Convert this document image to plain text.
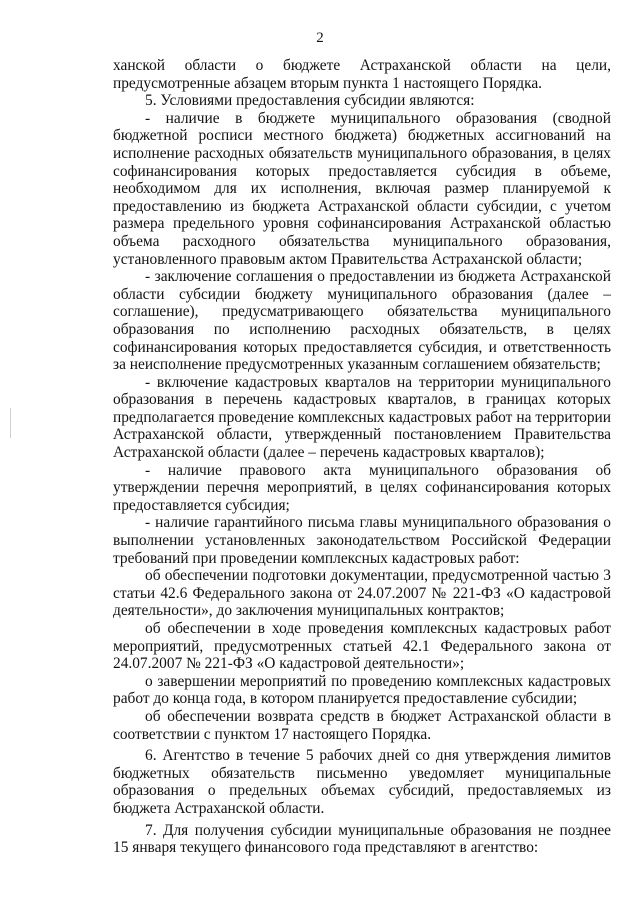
2

ханской области о бюджете Астраханской области на цели, предусмотренные абзацем вторым пункта 1 настоящего Порядка.

5. Условиями предоставления субсидии являются:

- наличие в бюджете муниципального образования (сводной бюджетной росписи местного бюджета) бюджетных ассигнований на исполнение расходных обязательств муниципального образования, в целях софинансирования которых предоставляется субсидия в объеме, необходимом для их исполнения, включая размер планируемой к предоставлению из бюджета Астраханской области субсидии, с учетом размера предельного уровня софинансирования Астраханской областью объема расходного обязательства муниципального образования, установленного правовым актом Правительства Астраханской области;

- заключение соглашения о предоставлении из бюджета Астраханской области субсидии бюджету муниципального образования (далее – соглашение), предусматривающего обязательства муниципального образования по исполнению расходных обязательств, в целях софинансирования которых предоставляется субсидия, и ответственность за неисполнение предусмотренных указанным соглашением обязательств;

- включение кадастровых кварталов на территории муниципального образования в перечень кадастровых кварталов, в границах которых предполагается проведение комплексных кадастровых работ на территории Астраханской области, утвержденный постановлением Правительства Астраханской области (далее – перечень кадастровых кварталов);

- наличие правового акта муниципального образования об утверждении перечня мероприятий, в целях софинансирования которых предоставляется субсидия;

- наличие гарантийного письма главы муниципального образования о выполнении установленных законодательством Российской Федерации требований при проведении комплексных кадастровых работ:

об обеспечении подготовки документации, предусмотренной частью 3 статьи 42.6 Федерального закона от 24.07.2007 № 221-ФЗ «О кадастровой деятельности», до заключения муниципальных контрактов;

об обеспечении в ходе проведения комплексных кадастровых работ мероприятий, предусмотренных статьей 42.1 Федерального закона от 24.07.2007 № 221-ФЗ «О кадастровой деятельности»;

о завершении мероприятий по проведению комплексных кадастровых работ до конца года, в котором планируется предоставление субсидии;

об обеспечении возврата средств в бюджет Астраханской области в соответствии с пунктом 17 настоящего Порядка.

6. Агентство в течение 5 рабочих дней со дня утверждения лимитов бюджетных обязательств письменно уведомляет муниципальные образования о предельных объемах субсидий, предоставляемых из бюджета Астраханской области.

7. Для получения субсидии муниципальные образования не позднее 15 января текущего финансового года представляют в агентство:
